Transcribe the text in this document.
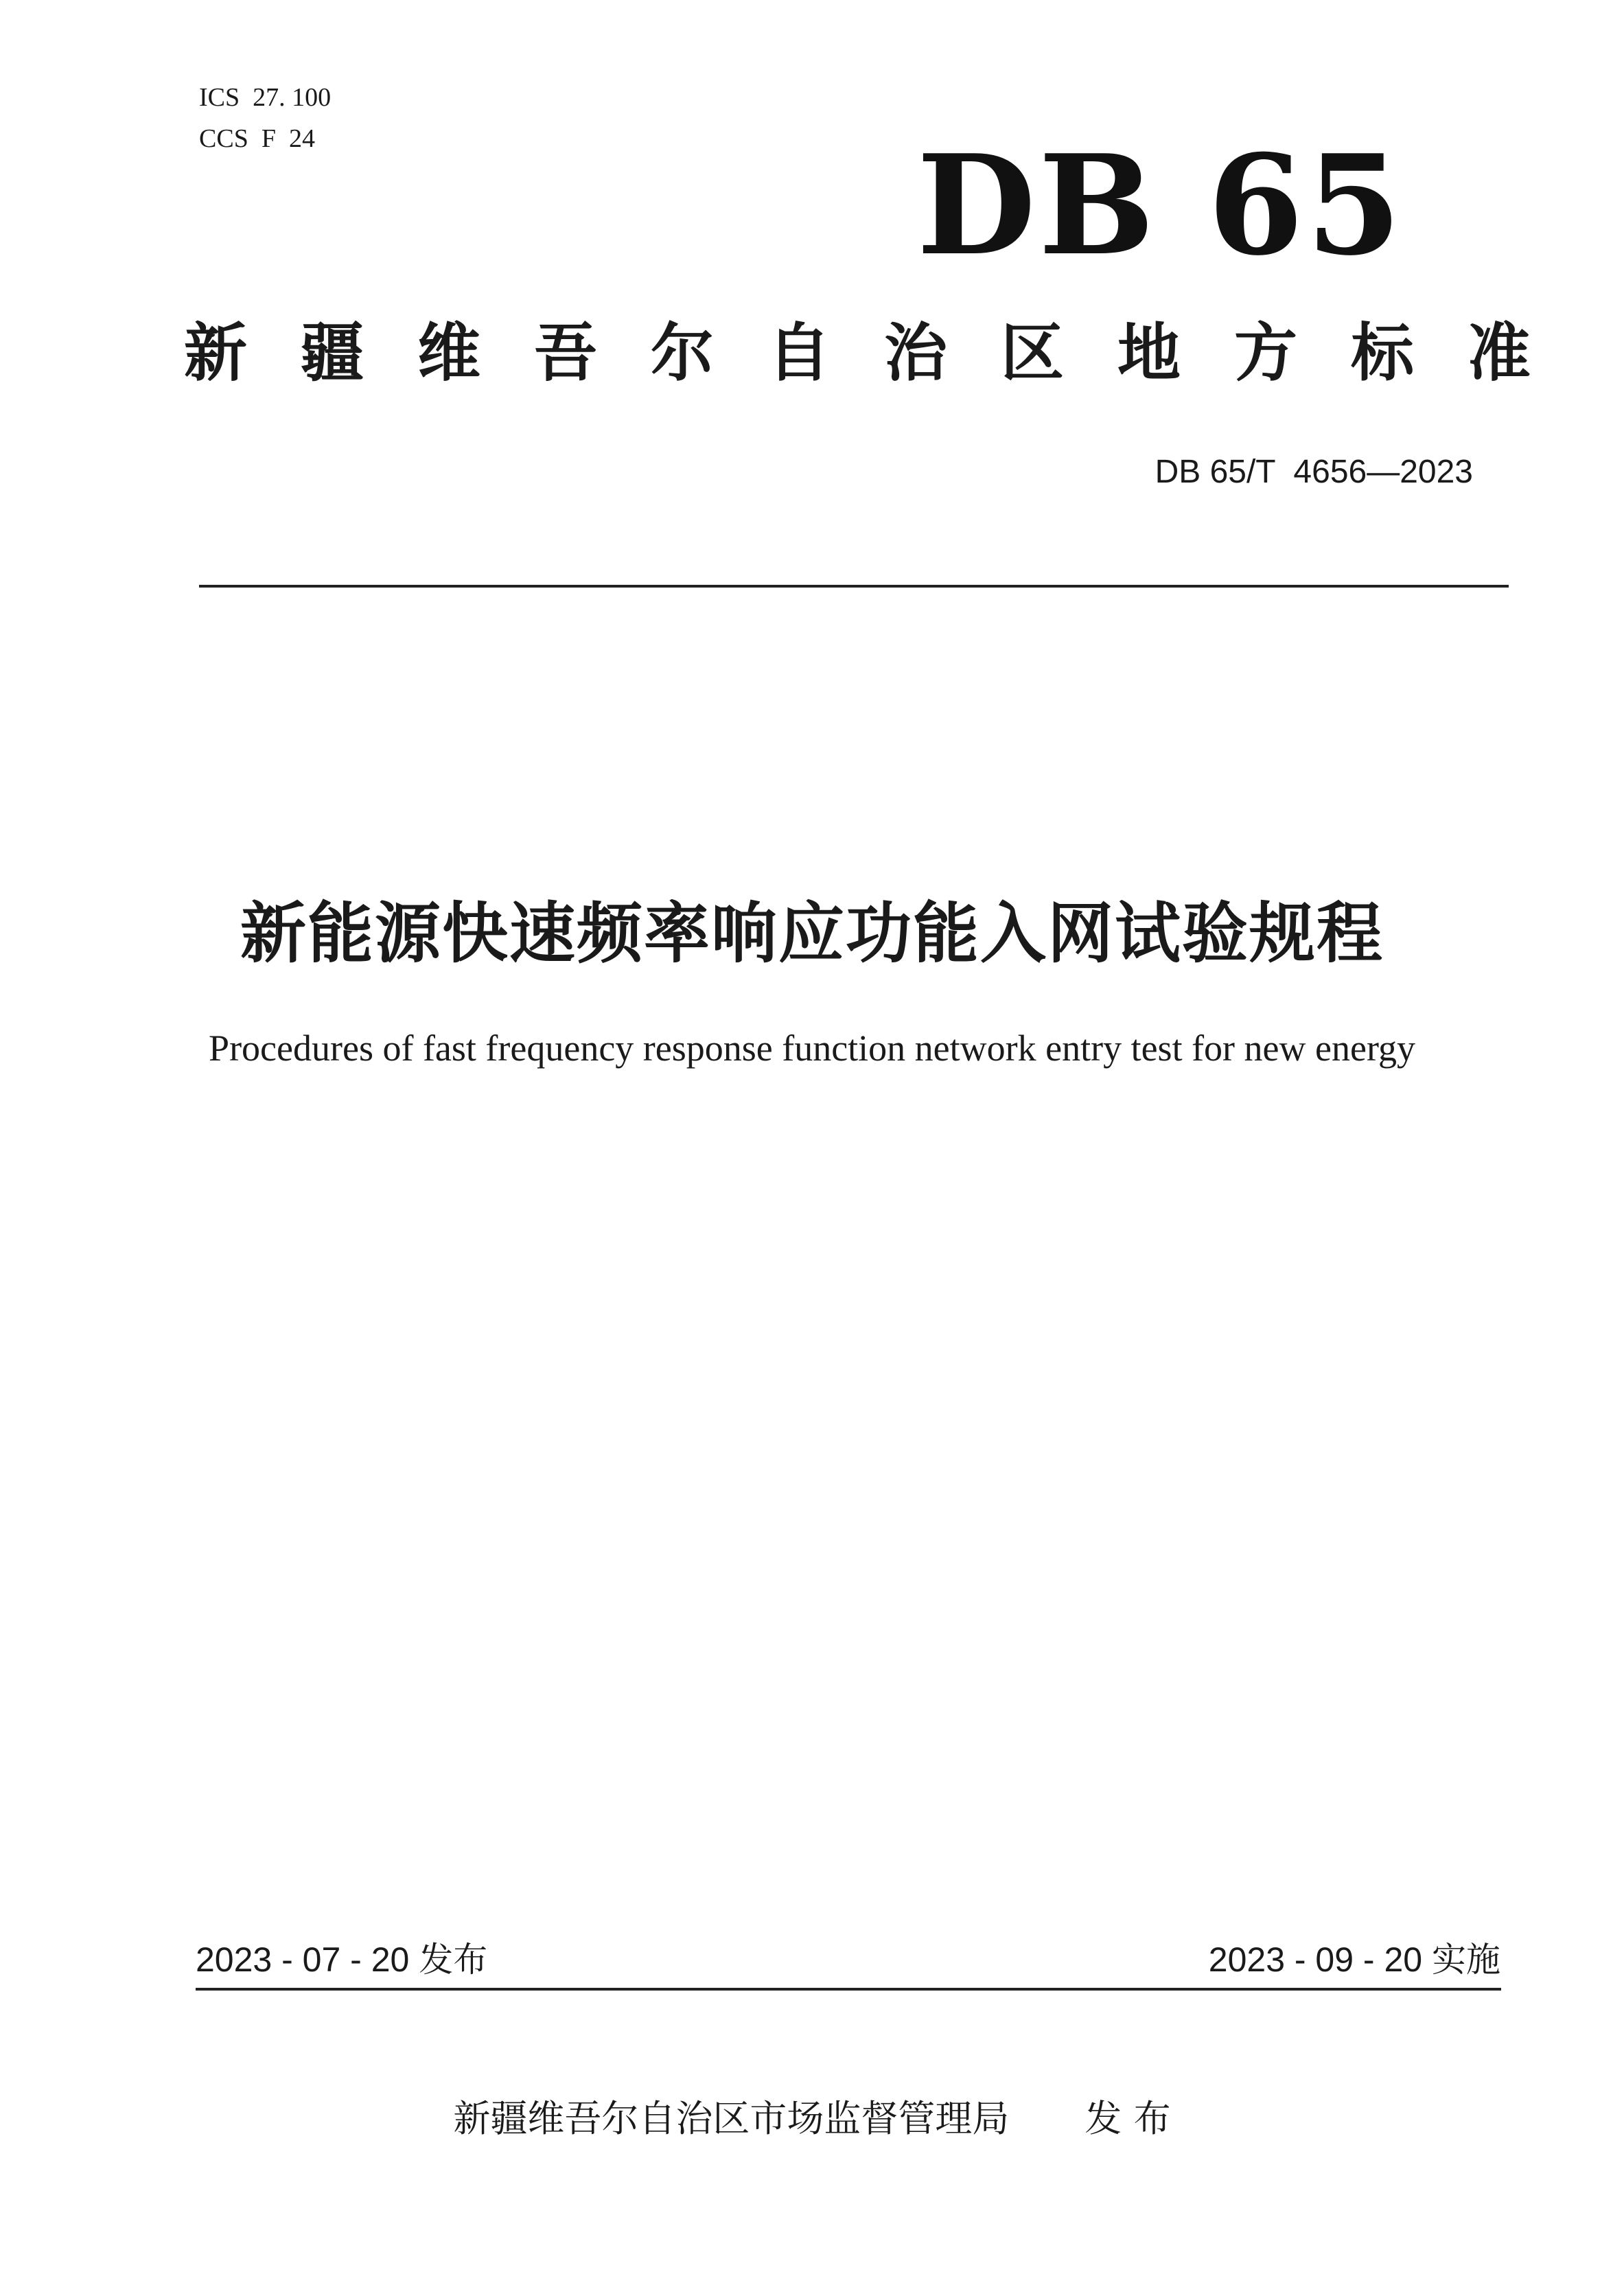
ICS  27. 100
CCS  F  24	DB 65
新疆维吾尔自治区地方标准
DB 65/T  4656—2023
新能源快速频率响应功能入网试验规程
Procedures of fast frequency response function network entry test for new energy
2023 - 07 - 20 发布	2023 - 09 - 20 实施
新疆维吾尔自治区市场监督管理局 发 布
